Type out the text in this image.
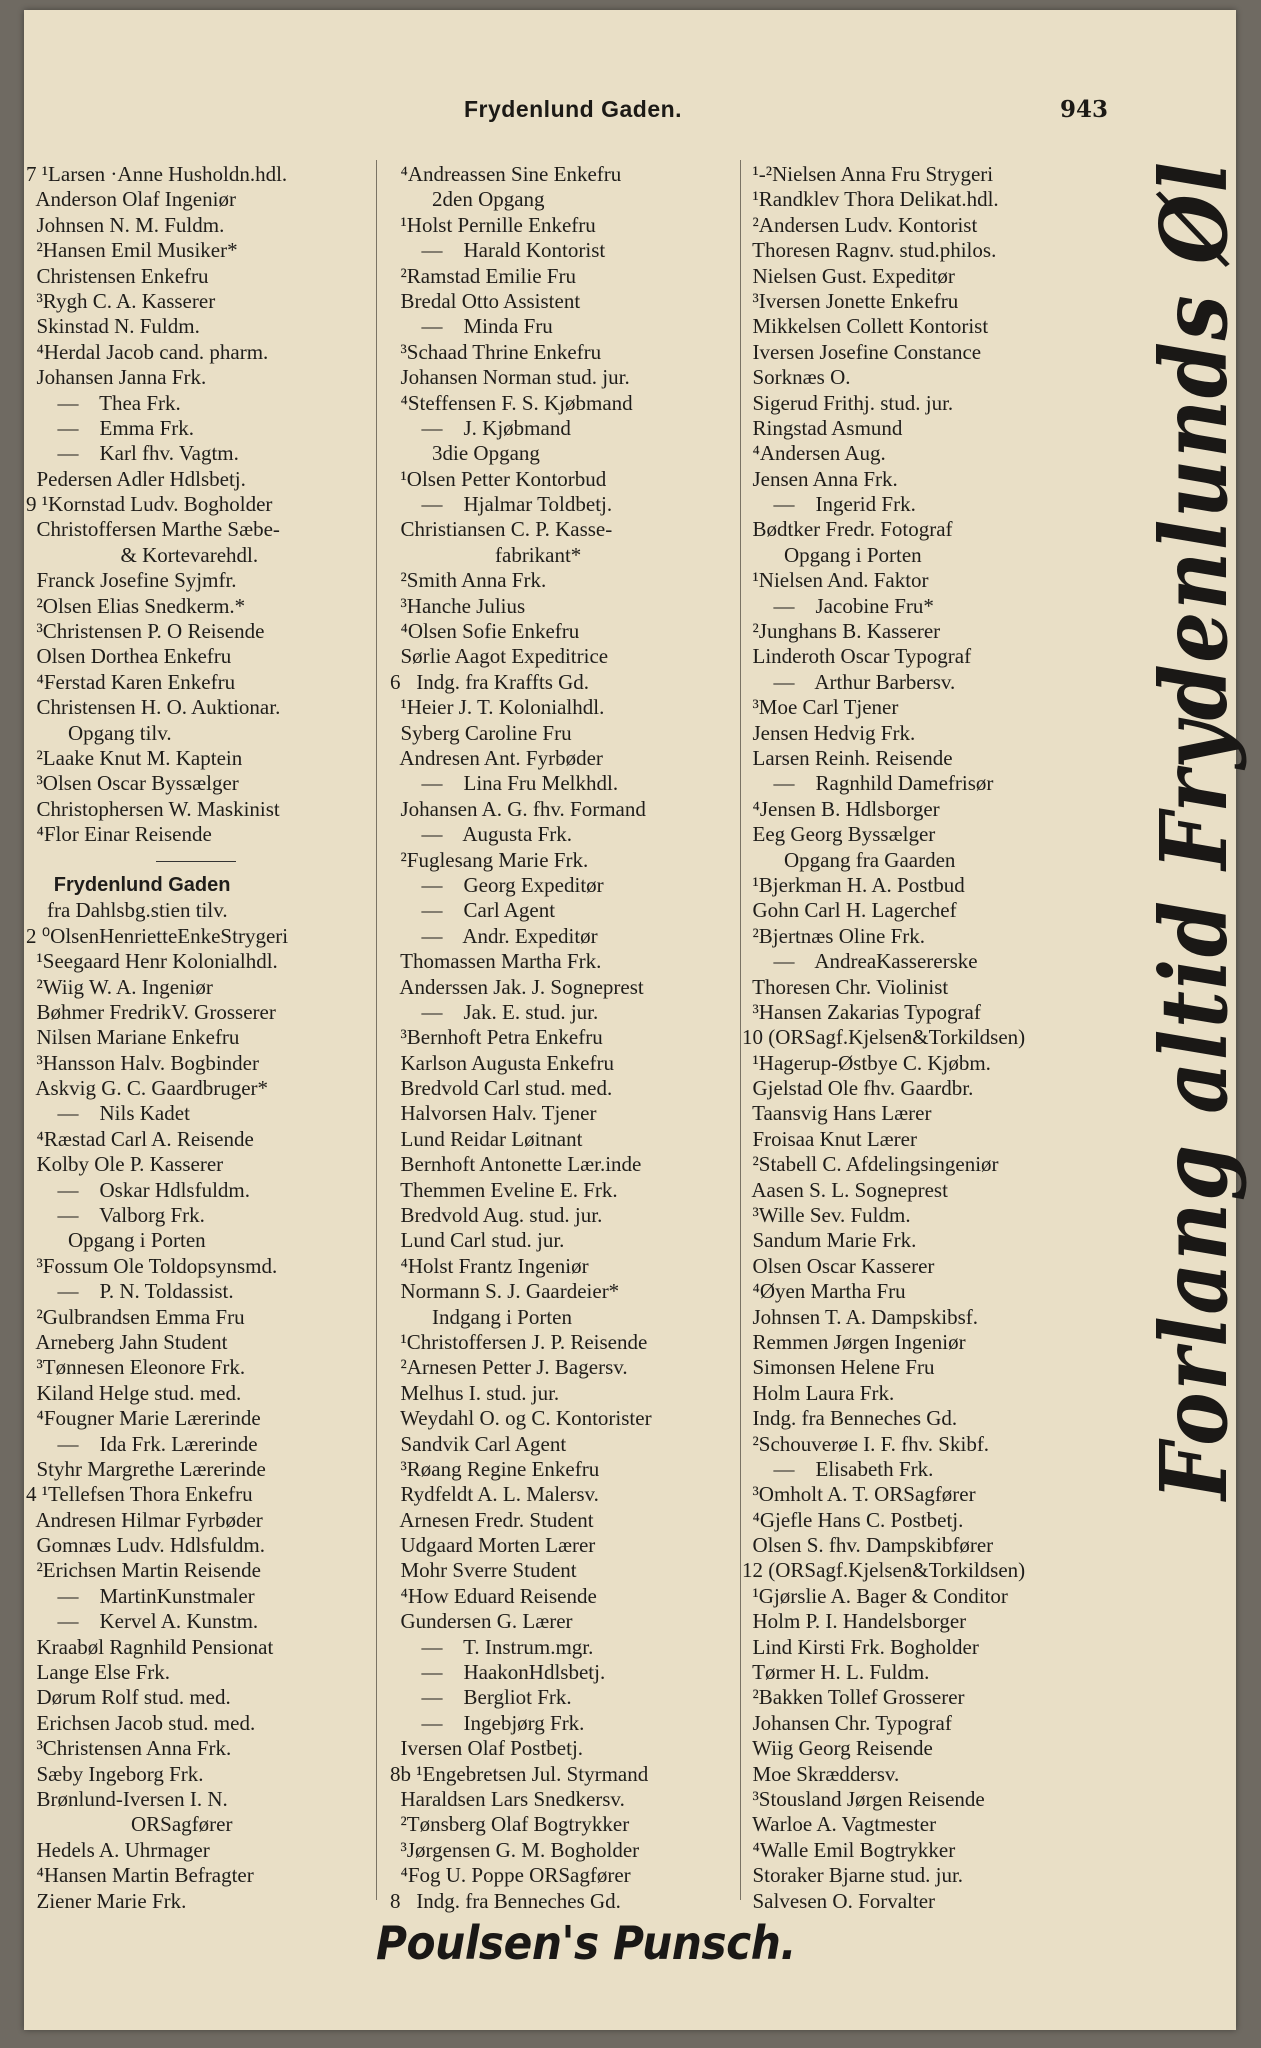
Frydenlund Gaden.	943
7 ¹Larsen ·Anne Husholdn.hdl.
Anderson Olaf Ingeniør
Johnsen N. M. Fuldm.
²Hansen Emil Musiker*
Christensen Enkefru
³Rygh C. A. Kasserer
Skinstad N. Fuldm.
⁴Herdal Jacob cand. pharm.
Johansen Janna Frk.
—    Thea Frk.
—    Emma Frk.
—    Karl fhv. Vagtm.
Pedersen Adler Hdlsbetj.
9 ¹Kornstad Ludv. Bogholder
Christoffersen Marthe Sæbe-
& Kortevarehdl.
Franck Josefine Syjmfr.
²Olsen Elias Snedkerm.*
³Christensen P. O Reisende
Olsen Dorthea Enkefru
⁴Ferstad Karen Enkefru
Christensen H. O. Auktionar.
Opgang tilv.
²Laake Knut M. Kaptein
³Olsen Oscar Byssælger
Christophersen W. Maskinist
⁴Flor Einar Reisende
Frydenlund Gaden
fra Dahlsbg.stien tilv.
2 ⁰OlsenHenrietteEnkeStrygeri
¹Seegaard Henr Kolonialhdl.
²Wiig W. A. Ingeniør
Bøhmer FredrikV. Grosserer
Nilsen Mariane Enkefru
³Hansson Halv. Bogbinder
Askvig G. C. Gaardbruger*
—    Nils Kadet
⁴Ræstad Carl A. Reisende
Kolby Ole P. Kasserer
—    Oskar Hdlsfuldm.
—    Valborg Frk.
Opgang i Porten
³Fossum Ole Toldopsynsmd.
—    P. N. Toldassist.
²Gulbrandsen Emma Fru
Arneberg Jahn Student
³Tønnesen Eleonore Frk.
Kiland Helge stud. med.
⁴Fougner Marie Lærerinde
—    Ida Frk. Lærerinde
Styhr Margrethe Lærerinde
4 ¹Tellefsen Thora Enkefru
Andresen Hilmar Fyrbøder
Gomnæs Ludv. Hdlsfuldm.
²Erichsen Martin Reisende
—    MartinKunstmaler
—    Kervel A. Kunstm.
Kraabøl Ragnhild Pensionat
Lange Else Frk.
Dørum Rolf stud. med.
Erichsen Jacob stud. med.
³Christensen Anna Frk.
Sæby Ingeborg Frk.
Brønlund-Iversen I. N.
ORSagfører
Hedels A. Uhrmager
⁴Hansen Martin Befragter
Ziener Marie Frk.
⁴Andreassen Sine Enkefru
2den Opgang
¹Holst Pernille Enkefru
—    Harald Kontorist
²Ramstad Emilie Fru
Bredal Otto Assistent
—    Minda Fru
³Schaad Thrine Enkefru
Johansen Norman stud. jur.
⁴Steffensen F. S. Kjøbmand
—    J. Kjøbmand
3die Opgang
¹Olsen Petter Kontorbud
—    Hjalmar Toldbetj.
Christiansen C. P. Kasse-
fabrikant*
²Smith Anna Frk.
³Hanche Julius
⁴Olsen Sofie Enkefru
Sørlie Aagot Expeditrice
6   Indg. fra Kraffts Gd.
¹Heier J. T. Kolonialhdl.
Syberg Caroline Fru
Andresen Ant. Fyrbøder
—    Lina Fru Melkhdl.
Johansen A. G. fhv. Formand
—    Augusta Frk.
²Fuglesang Marie Frk.
—    Georg Expeditør
—    Carl Agent
—    Andr. Expeditør
Thomassen Martha Frk.
Anderssen Jak. J. Sogneprest
—    Jak. E. stud. jur.
³Bernhoft Petra Enkefru
Karlson Augusta Enkefru
Bredvold Carl stud. med.
Halvorsen Halv. Tjener
Lund Reidar Løitnant
Bernhoft Antonette Lær.inde
Themmen Eveline E. Frk.
Bredvold Aug. stud. jur.
Lund Carl stud. jur.
⁴Holst Frantz Ingeniør
Normann S. J. Gaardeier*
Indgang i Porten
¹Christoffersen J. P. Reisende
²Arnesen Petter J. Bagersv.
Melhus I. stud. jur.
Weydahl O. og C. Kontorister
Sandvik Carl Agent
³Røang Regine Enkefru
Rydfeldt A. L. Malersv.
Arnesen Fredr. Student
Udgaard Morten Lærer
Mohr Sverre Student
⁴How Eduard Reisende
Gundersen G. Lærer
—    T. Instrum.mgr.
—    HaakonHdlsbetj.
—    Bergliot Frk.
—    Ingebjørg Frk.
Iversen Olaf Postbetj.
8b ¹Engebretsen Jul. Styrmand
Haraldsen Lars Snedkersv.
²Tønsberg Olaf Bogtrykker
³Jørgensen G. M. Bogholder
⁴Fog U. Poppe ORSagfører
8   Indg. fra Benneches Gd.
¹-²Nielsen Anna Fru Strygeri
¹Randklev Thora Delikat.hdl.
²Andersen Ludv. Kontorist
Thoresen Ragnv. stud.philos.
Nielsen Gust. Expeditør
³Iversen Jonette Enkefru
Mikkelsen Collett Kontorist
Iversen Josefine Constance
Sorknæs O.
Sigerud Frithj. stud. jur.
Ringstad Asmund
⁴Andersen Aug.
Jensen Anna Frk.
—    Ingerid Frk.
Bødtker Fredr. Fotograf
Opgang i Porten
¹Nielsen And. Faktor
—    Jacobine Fru*
²Junghans B. Kasserer
Linderoth Oscar Typograf
—    Arthur Barbersv.
³Moe Carl Tjener
Jensen Hedvig Frk.
Larsen Reinh. Reisende
—    Ragnhild Damefrisør
⁴Jensen B. Hdlsborger
Eeg Georg Byssælger
Opgang fra Gaarden
¹Bjerkman H. A. Postbud
Gohn Carl H. Lagerchef
²Bjertnæs Oline Frk.
—    AndreaKassererske
Thoresen Chr. Violinist
³Hansen Zakarias Typograf
10 (ORSagf.Kjelsen&Torkildsen)
¹Hagerup-Østbye C. Kjøbm.
Gjelstad Ole fhv. Gaardbr.
Taansvig Hans Lærer
Froisaa Knut Lærer
²Stabell C. Afdelingsingeniør
Aasen S. L. Sogneprest
³Wille Sev. Fuldm.
Sandum Marie Frk.
Olsen Oscar Kasserer
⁴Øyen Martha Fru
Johnsen T. A. Dampskibsf.
Remmen Jørgen Ingeniør
Simonsen Helene Fru
Holm Laura Frk.
Indg. fra Benneches Gd.
²Schouverøe I. F. fhv. Skibf.
—    Elisabeth Frk.
³Omholt A. T. ORSagfører
⁴Gjefle Hans C. Postbetj.
Olsen S. fhv. Dampskibfører
12 (ORSagf.Kjelsen&Torkildsen)
¹Gjørslie A. Bager & Conditor
Holm P. I. Handelsborger
Lind Kirsti Frk. Bogholder
Tørmer H. L. Fuldm.
²Bakken Tollef Grosserer
Johansen Chr. Typograf
Wiig Georg Reisende
Moe Skræddersv.
³Stousland Jørgen Reisende
Warloe A. Vagtmester
⁴Walle Emil Bogtrykker
Storaker Bjarne stud. jur.
Salvesen O. Forvalter
Forlang altid Frydenlunds Øl
Poulsen's Punsch.
